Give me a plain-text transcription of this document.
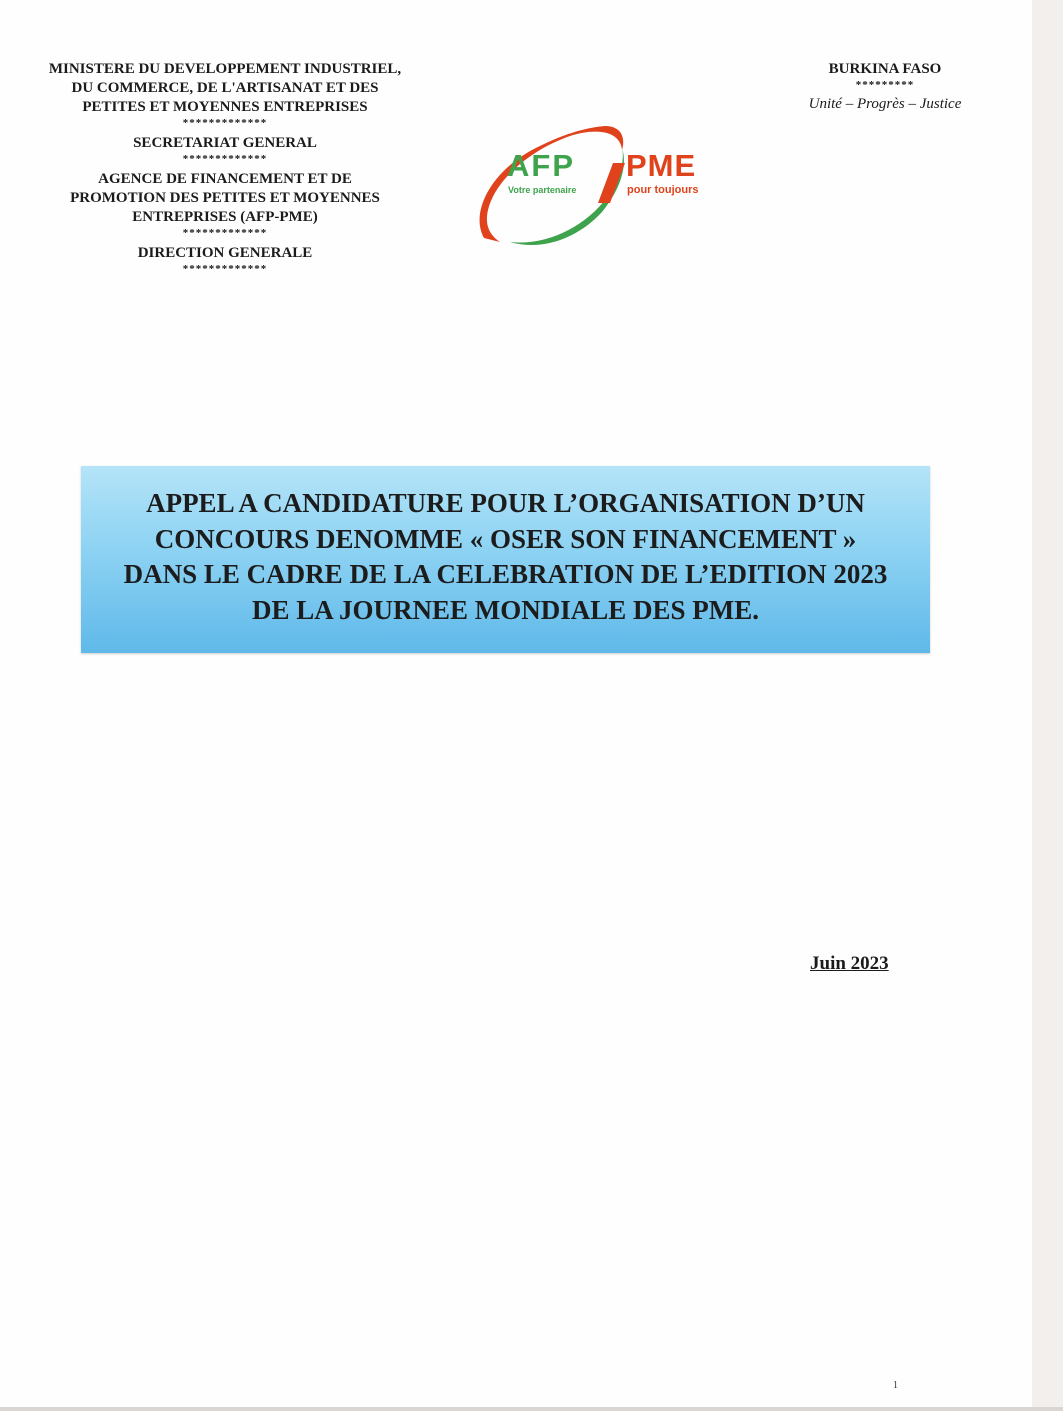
MINISTERE DU DEVELOPPEMENT INDUSTRIEL,
DU COMMERCE, DE L'ARTISANAT ET DES
PETITES ET MOYENNES ENTREPRISES
*************
SECRETARIAT GENERAL
*************
AGENCE DE FINANCEMENT ET DE
PROMOTION DES PETITES ET MOYENNES
ENTREPRISES (AFP-PME)
*************
DIRECTION GENERALE
*************
BURKINA FASO
*********
Unité – Progrès – Justice
AFP PME
Votre partenaire	pour toujours
APPEL A CANDIDATURE POUR L’ORGANISATION D’UN
CONCOURS DENOMME « OSER SON FINANCEMENT »
DANS LE CADRE DE LA CELEBRATION DE L’EDITION 2023
DE LA JOURNEE MONDIALE DES PME.
Juin 2023
1
